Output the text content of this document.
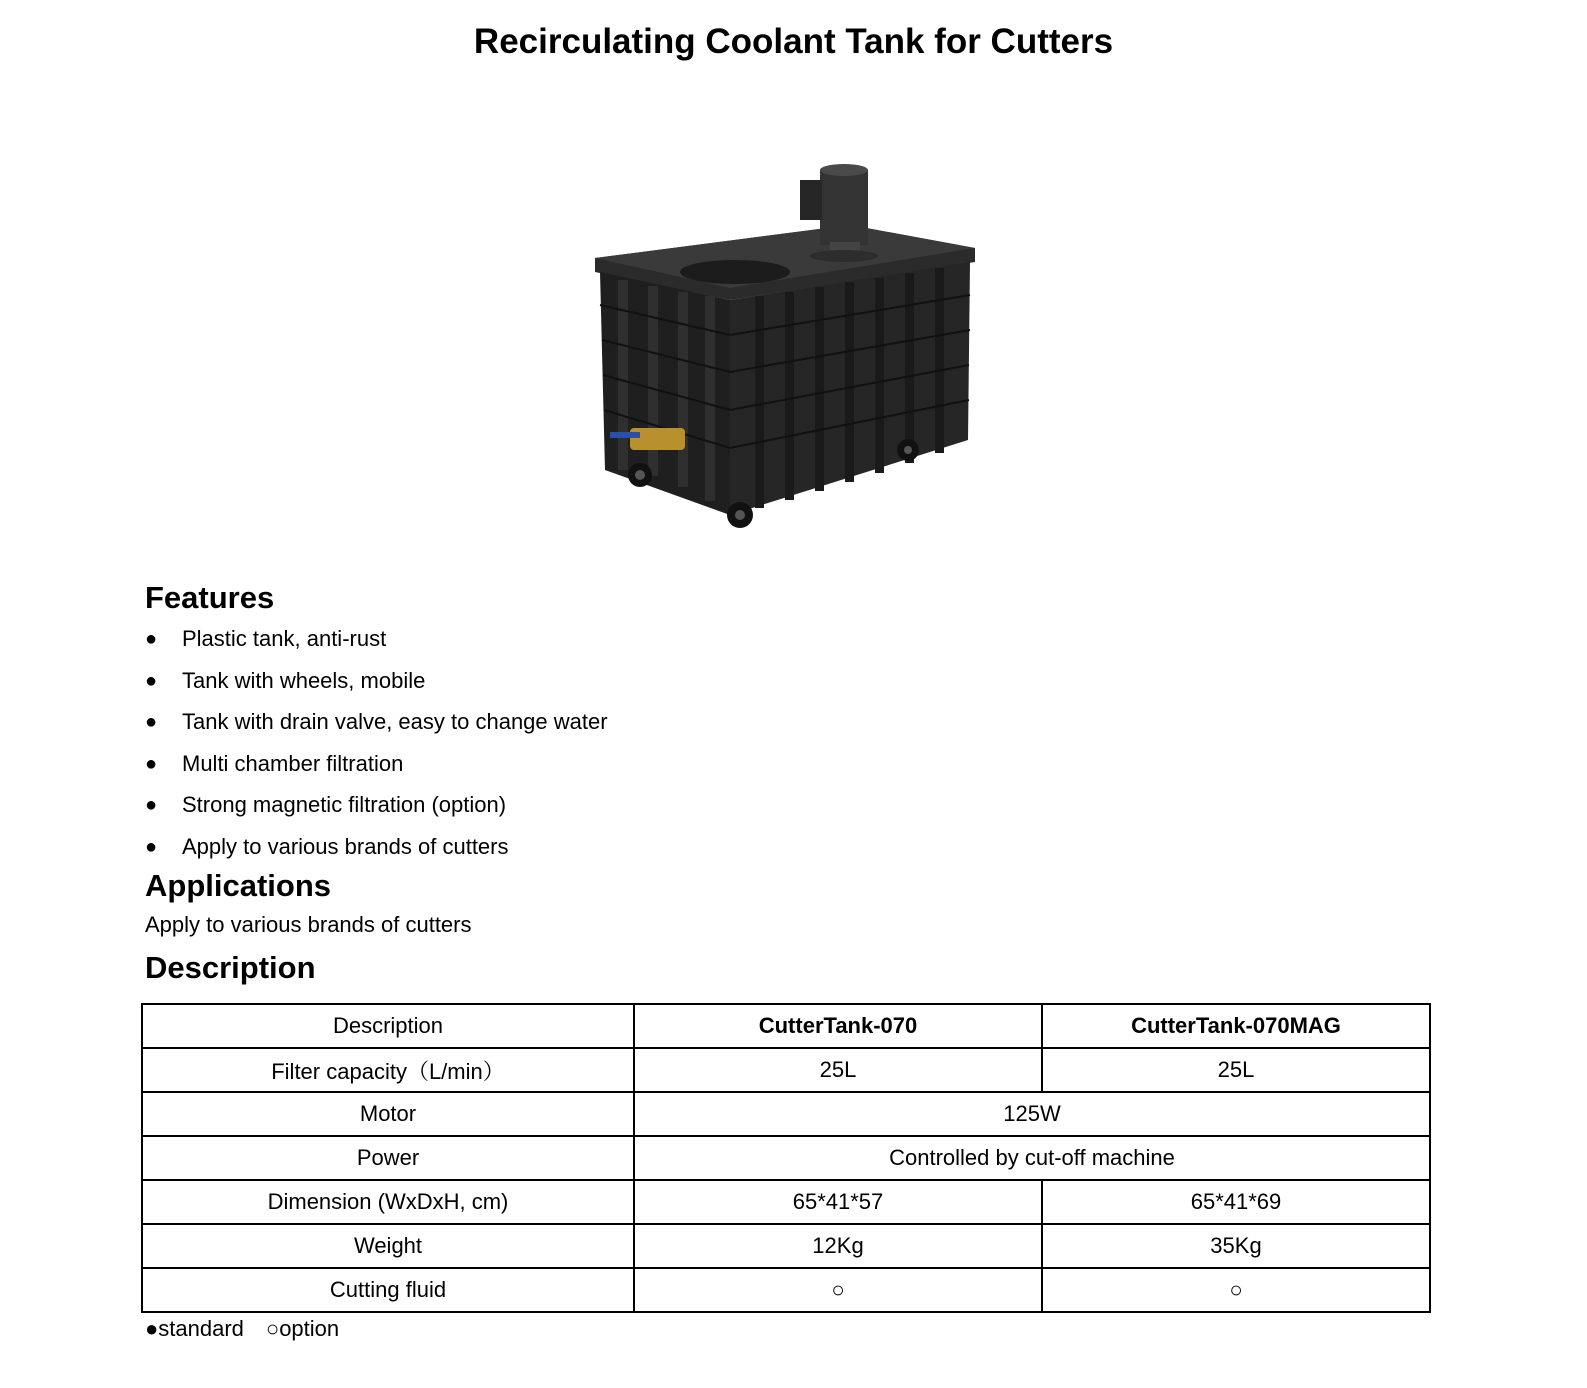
Recirculating Coolant Tank for Cutters
Features
●	Plastic tank, anti-rust
●	Tank with wheels, mobile
●	Tank with drain valve, easy to change water
●	Multi chamber filtration
●	Strong magnetic filtration (option)
●	Apply to various brands of cutters
Applications

Apply to various brands of cutters

Description
Description	CutterTank-070	CutterTank-070MAG
Filter capacity（L/min）	25L	25L
Motor	125W	
Power	Controlled by cut-off machine	
Dimension (WxDxH, cm)	65*41*57	65*41*69
Weight	12Kg	35Kg
Cutting fluid	○	○

●standard ○option
